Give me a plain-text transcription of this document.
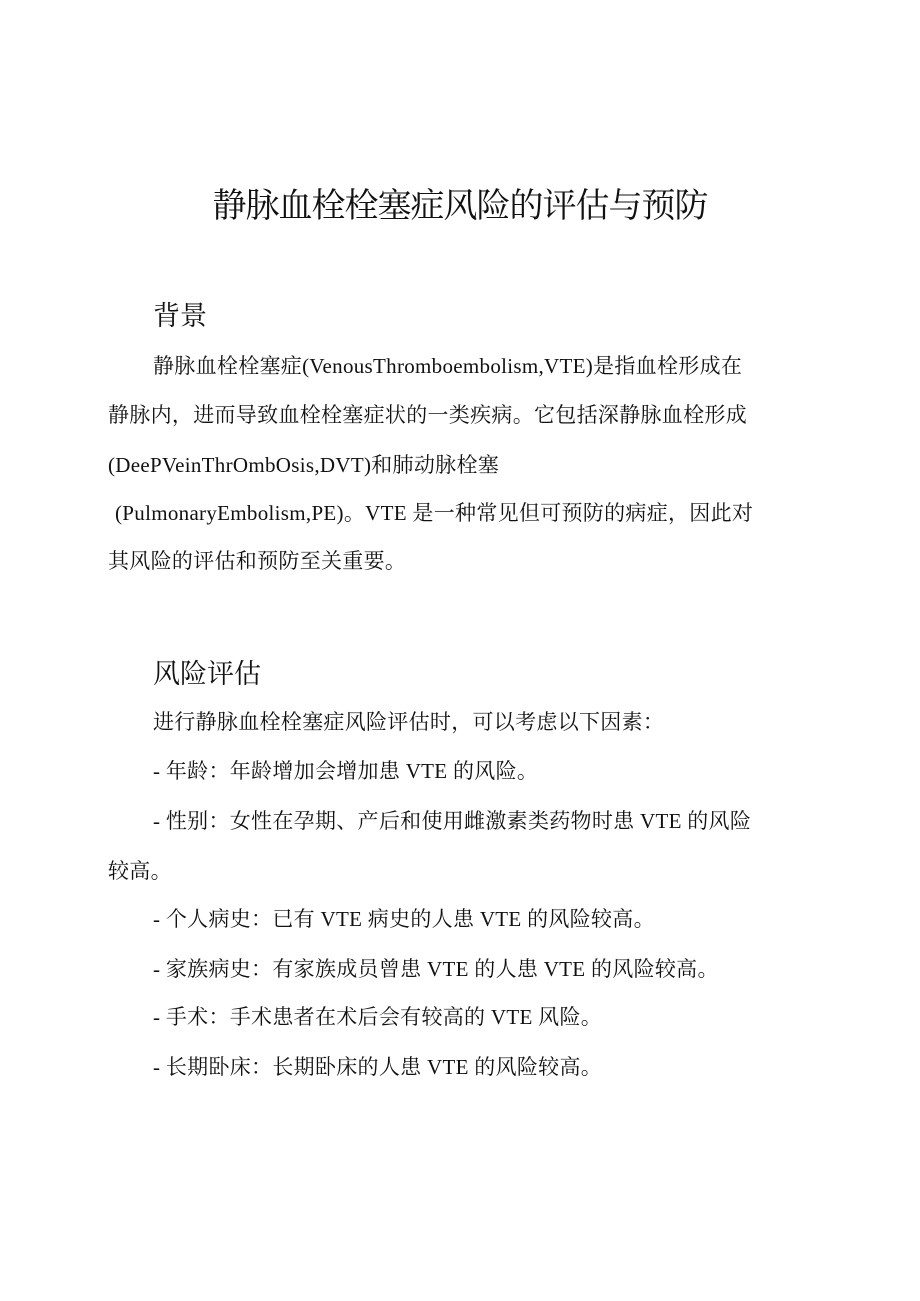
静脉血栓栓塞症风险的评估与预防
背景

静脉血栓栓塞症(VenousThromboembolism,VTE)是指血栓形成在

静脉内，进而导致血栓栓塞症状的一类疾病。它包括深静脉血栓形成

(DeePVeinThrOmbOsis,DVT)和肺动脉栓塞

(PulmonaryEmbolism,PE)。VTE 是一种常见但可预防的病症，因此对

其风险的评估和预防至关重要。

风险评估

进行静脉血栓栓塞症风险评估时，可以考虑以下因素：

- 年龄：年龄增加会增加患 VTE 的风险。

- 性别：女性在孕期、产后和使用雌激素类药物时患 VTE 的风险

较高。

- 个人病史：已有 VTE 病史的人患 VTE 的风险较高。

- 家族病史：有家族成员曾患 VTE 的人患 VTE 的风险较高。

- 手术：手术患者在术后会有较高的 VTE 风险。

- 长期卧床：长期卧床的人患 VTE 的风险较高。
